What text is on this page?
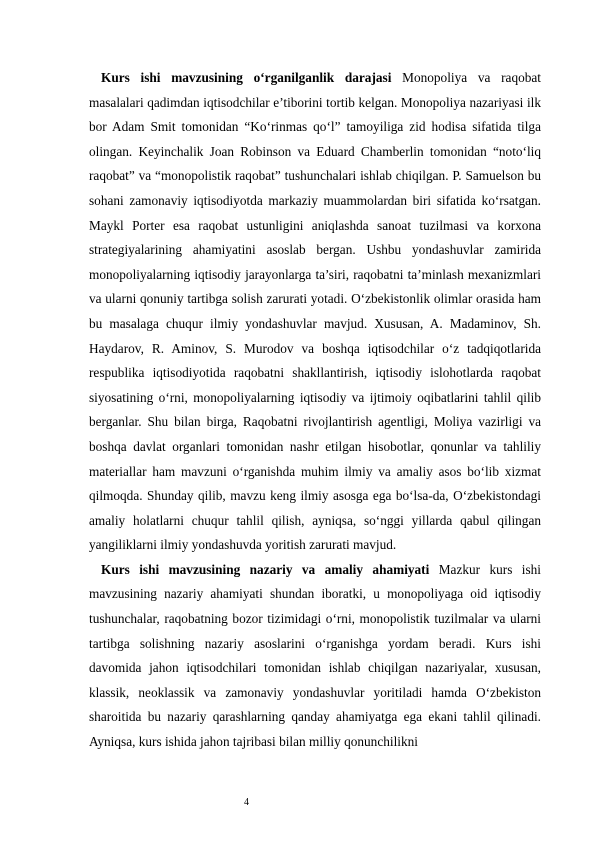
Kurs ishi mavzusining o‘rganilganlik darajasi Monopoliya va raqobat masalalari qadimdan iqtisodchilar e’tiborini tortib kelgan. Monopoliya nazariyasi ilk bor Adam Smit tomonidan “Ko‘rinmas qo‘l” tamoyiliga zid hodisa sifatida tilga olingan. Keyinchalik Joan Robinson va Eduard Chamberlin tomonidan “noto‘liq raqobat” va “monopolistik raqobat” tushunchalari ishlab chiqilgan. P. Samuelson bu sohani zamonaviy iqtisodiyotda markaziy muammolardan biri sifatida ko‘rsatgan. Maykl Porter esa raqobat ustunligini aniqlashda sanoat tuzilmasi va korxona strategiyalarining ahamiyatini asoslab bergan. Ushbu yondashuvlar zamirida monopoliyalarning iqtisodiy jarayonlarga ta’siri, raqobatni ta’minlash mexanizmlari va ularni qonuniy tartibga solish zarurati yotadi. O‘zbekistonlik olimlar orasida ham bu masalaga chuqur ilmiy yondashuvlar mavjud. Xususan, A. Madaminov, Sh. Haydarov, R. Aminov, S. Murodov va boshqa iqtisodchilar o‘z tadqiqotlarida respublika iqtisodiyotida raqobatni shakllantirish, iqtisodiy islohotlarda raqobat siyosatining o‘rni, monopoliyalarning iqtisodiy va ijtimoiy oqibatlarini tahlil qilib berganlar. Shu bilan birga, Raqobatni rivojlantirish agentligi, Moliya vazirligi va boshqa davlat organlari tomonidan nashr etilgan hisobotlar, qonunlar va tahliliy materiallar ham mavzuni o‘rganishda muhim ilmiy va amaliy asos bo‘lib xizmat qilmoqda. Shunday qilib, mavzu keng ilmiy asosga ega bo‘lsa-da, O‘zbekistondagi amaliy holatlarni chuqur tahlil qilish, ayniqsa, so‘nggi yillarda qabul qilingan yangiliklarni ilmiy yondashuvda yoritish zarurati mavjud.

Kurs ishi mavzusining nazariy va amaliy ahamiyati Mazkur kurs ishi mavzusining nazariy ahamiyati shundan iboratki, u monopoliyaga oid iqtisodiy tushunchalar, raqobatning bozor tizimidagi o‘rni, monopolistik tuzilmalar va ularni tartibga solishning nazariy asoslarini o‘rganishga yordam beradi. Kurs ishi davomida jahon iqtisodchilari tomonidan ishlab chiqilgan nazariyalar, xususan, klassik, neoklassik va zamonaviy yondashuvlar yoritiladi hamda O‘zbekiston sharoitida bu nazariy qarashlarning qanday ahamiyatga ega ekani tahlil qilinadi. Ayniqsa, kurs ishida jahon tajribasi bilan milliy qonunchilikni

4
